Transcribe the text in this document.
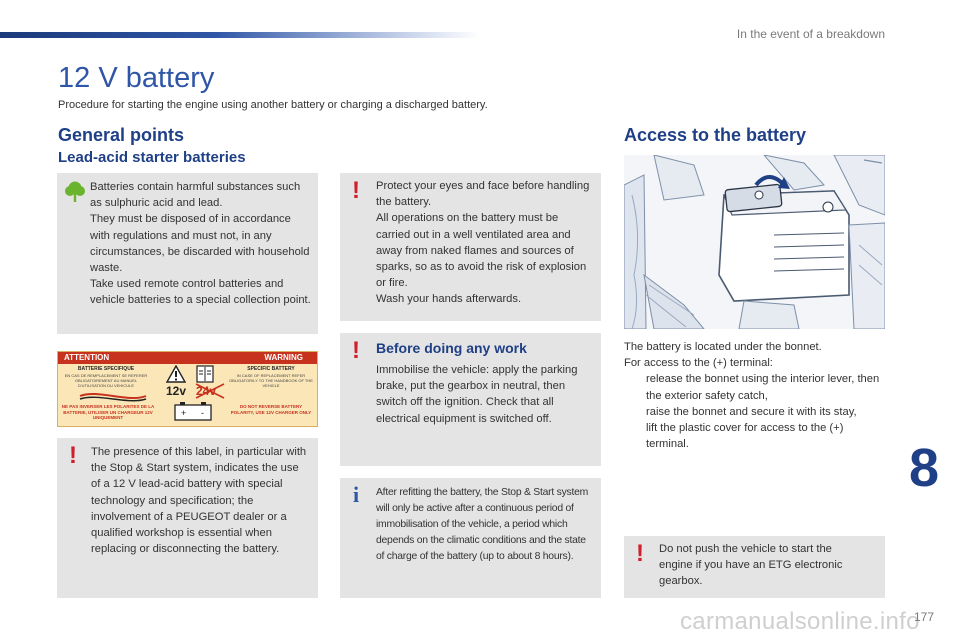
In the event of a breakdown
12 V battery
Procedure for starting the engine using another battery or charging a discharged battery.
General points
Lead-acid starter batteries

Batteries contain harmful substances such as sulphuric acid and lead.

They must be disposed of in accordance with regulations and must not, in any circumstances, be discarded with household waste.

Take used remote control batteries and vehicle batteries to a special collection point.

ATTENTION	WARNING
BATTERIE SPECIFIQUE
EN CAS DE REMPLACEMENT SE REFERER OBLIGATOIREMENT AU MANUEL D'UTILISATION DU VEHICULE
SPECIFIC BATTERY
IN CASE OF REPLACEMENT REFER OBLIGATORILY TO THE HANDBOOK OF THE VEHICLE
12v 24v
+ -
NE PAS INVERSER LES POLARITES DE LA BATTERIE, UTILISER UN CHARGEUR 12V UNIQUEMENT
DO NOT REVERSE BATTERY POLARITY, USE 12V CHARGER ONLY
! The presence of this label, in particular with the Stop & Start system, indicates the use of a 12 V lead-acid battery with special technology and specification; the involvement of a PEUGEOT dealer or a qualified workshop is essential when replacing or disconnecting the battery.
! Protect your eyes and face before handling the battery.

All operations on the battery must be carried out in a well ventilated area and away from naked flames and sources of sparks, so as to avoid the risk of explosion or fire.

Wash your hands afterwards.

! Before doing any work
Immobilise the vehicle: apply the parking brake, put the gearbox in neutral, then switch off the ignition. Check that all electrical equipment is switched off.
i After refitting the battery, the Stop & Start system will only be active after a continuous period of immobilisation of the vehicle, a period which depends on the climatic conditions and the state of charge of the battery (up to about 8 hours).
Access to the battery
The battery is located under the bonnet.
For access to the (+) terminal:
release the bonnet using the interior lever, then the exterior safety catch,
raise the bonnet and secure it with its stay,
lift the plastic cover for access to the (+) terminal.
! Do not push the vehicle to start the engine if you have an ETG electronic gearbox.
8
carmanualsonline.info
177
